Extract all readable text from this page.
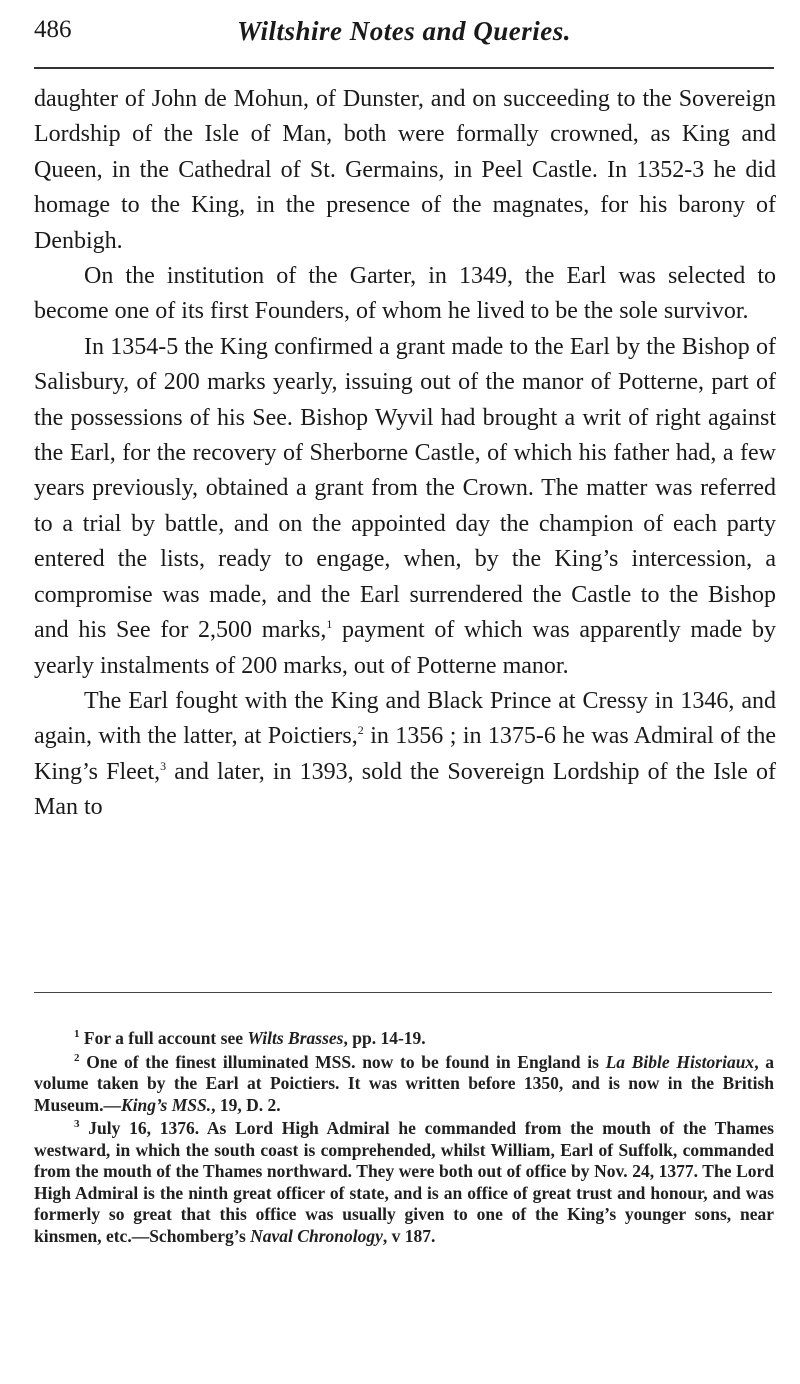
486	Wiltshire Notes and Queries.

daughter of John de Mohun, of Dunster, and on succeeding to the Sovereign Lordship of the Isle of Man, both were formally crowned, as King and Queen, in the Cathedral of St. Germains, in Peel Castle. In 1352-3 he did homage to the King, in the presence of the magnates, for his barony of Denbigh.

On the institution of the Garter, in 1349, the Earl was selected to become one of its first Founders, of whom he lived to be the sole survivor.

In 1354-5 the King confirmed a grant made to the Earl by the Bishop of Salisbury, of 200 marks yearly, issuing out of the manor of Potterne, part of the possessions of his See. Bishop Wyvil had brought a writ of right against the Earl, for the recovery of Sherborne Castle, of which his father had, a few years previously, obtained a grant from the Crown. The matter was referred to a trial by battle, and on the appointed day the champion of each party entered the lists, ready to engage, when, by the King’s intercession, a compromise was made, and the Earl surrendered the Castle to the Bishop and his See for 2,500 marks,$^1$ payment of which was apparently made by yearly instalments of 200 marks, out of Potterne manor.

The Earl fought with the King and Black Prince at Cressy in 1346, and again, with the latter, at Poictiers,$^2$ in 1356 ; in 1375-6 he was Admiral of the King’s Fleet,$^3$ and later, in 1393, sold the Sovereign Lordship of the Isle of Man to

$^1$ For a full account see Wilts Brasses, pp. 14-19.

$^2$ One of the finest illuminated MSS. now to be found in England is La Bible Historiaux, a volume taken by the Earl at Poictiers. It was written before 1350, and is now in the British Museum.—King’s MSS., 19, D. 2.

$^3$ July 16, 1376. As Lord High Admiral he commanded from the mouth of the Thames westward, in which the south coast is comprehended, whilst William, Earl of Suffolk, commanded from the mouth of the Thames northward. They were both out of office by Nov. 24, 1377. The Lord High Admiral is the ninth great officer of state, and is an office of great trust and honour, and was formerly so great that this office was usually given to one of the King’s younger sons, near kinsmen, etc.—Schomberg’s Naval Chronology, v 187.
